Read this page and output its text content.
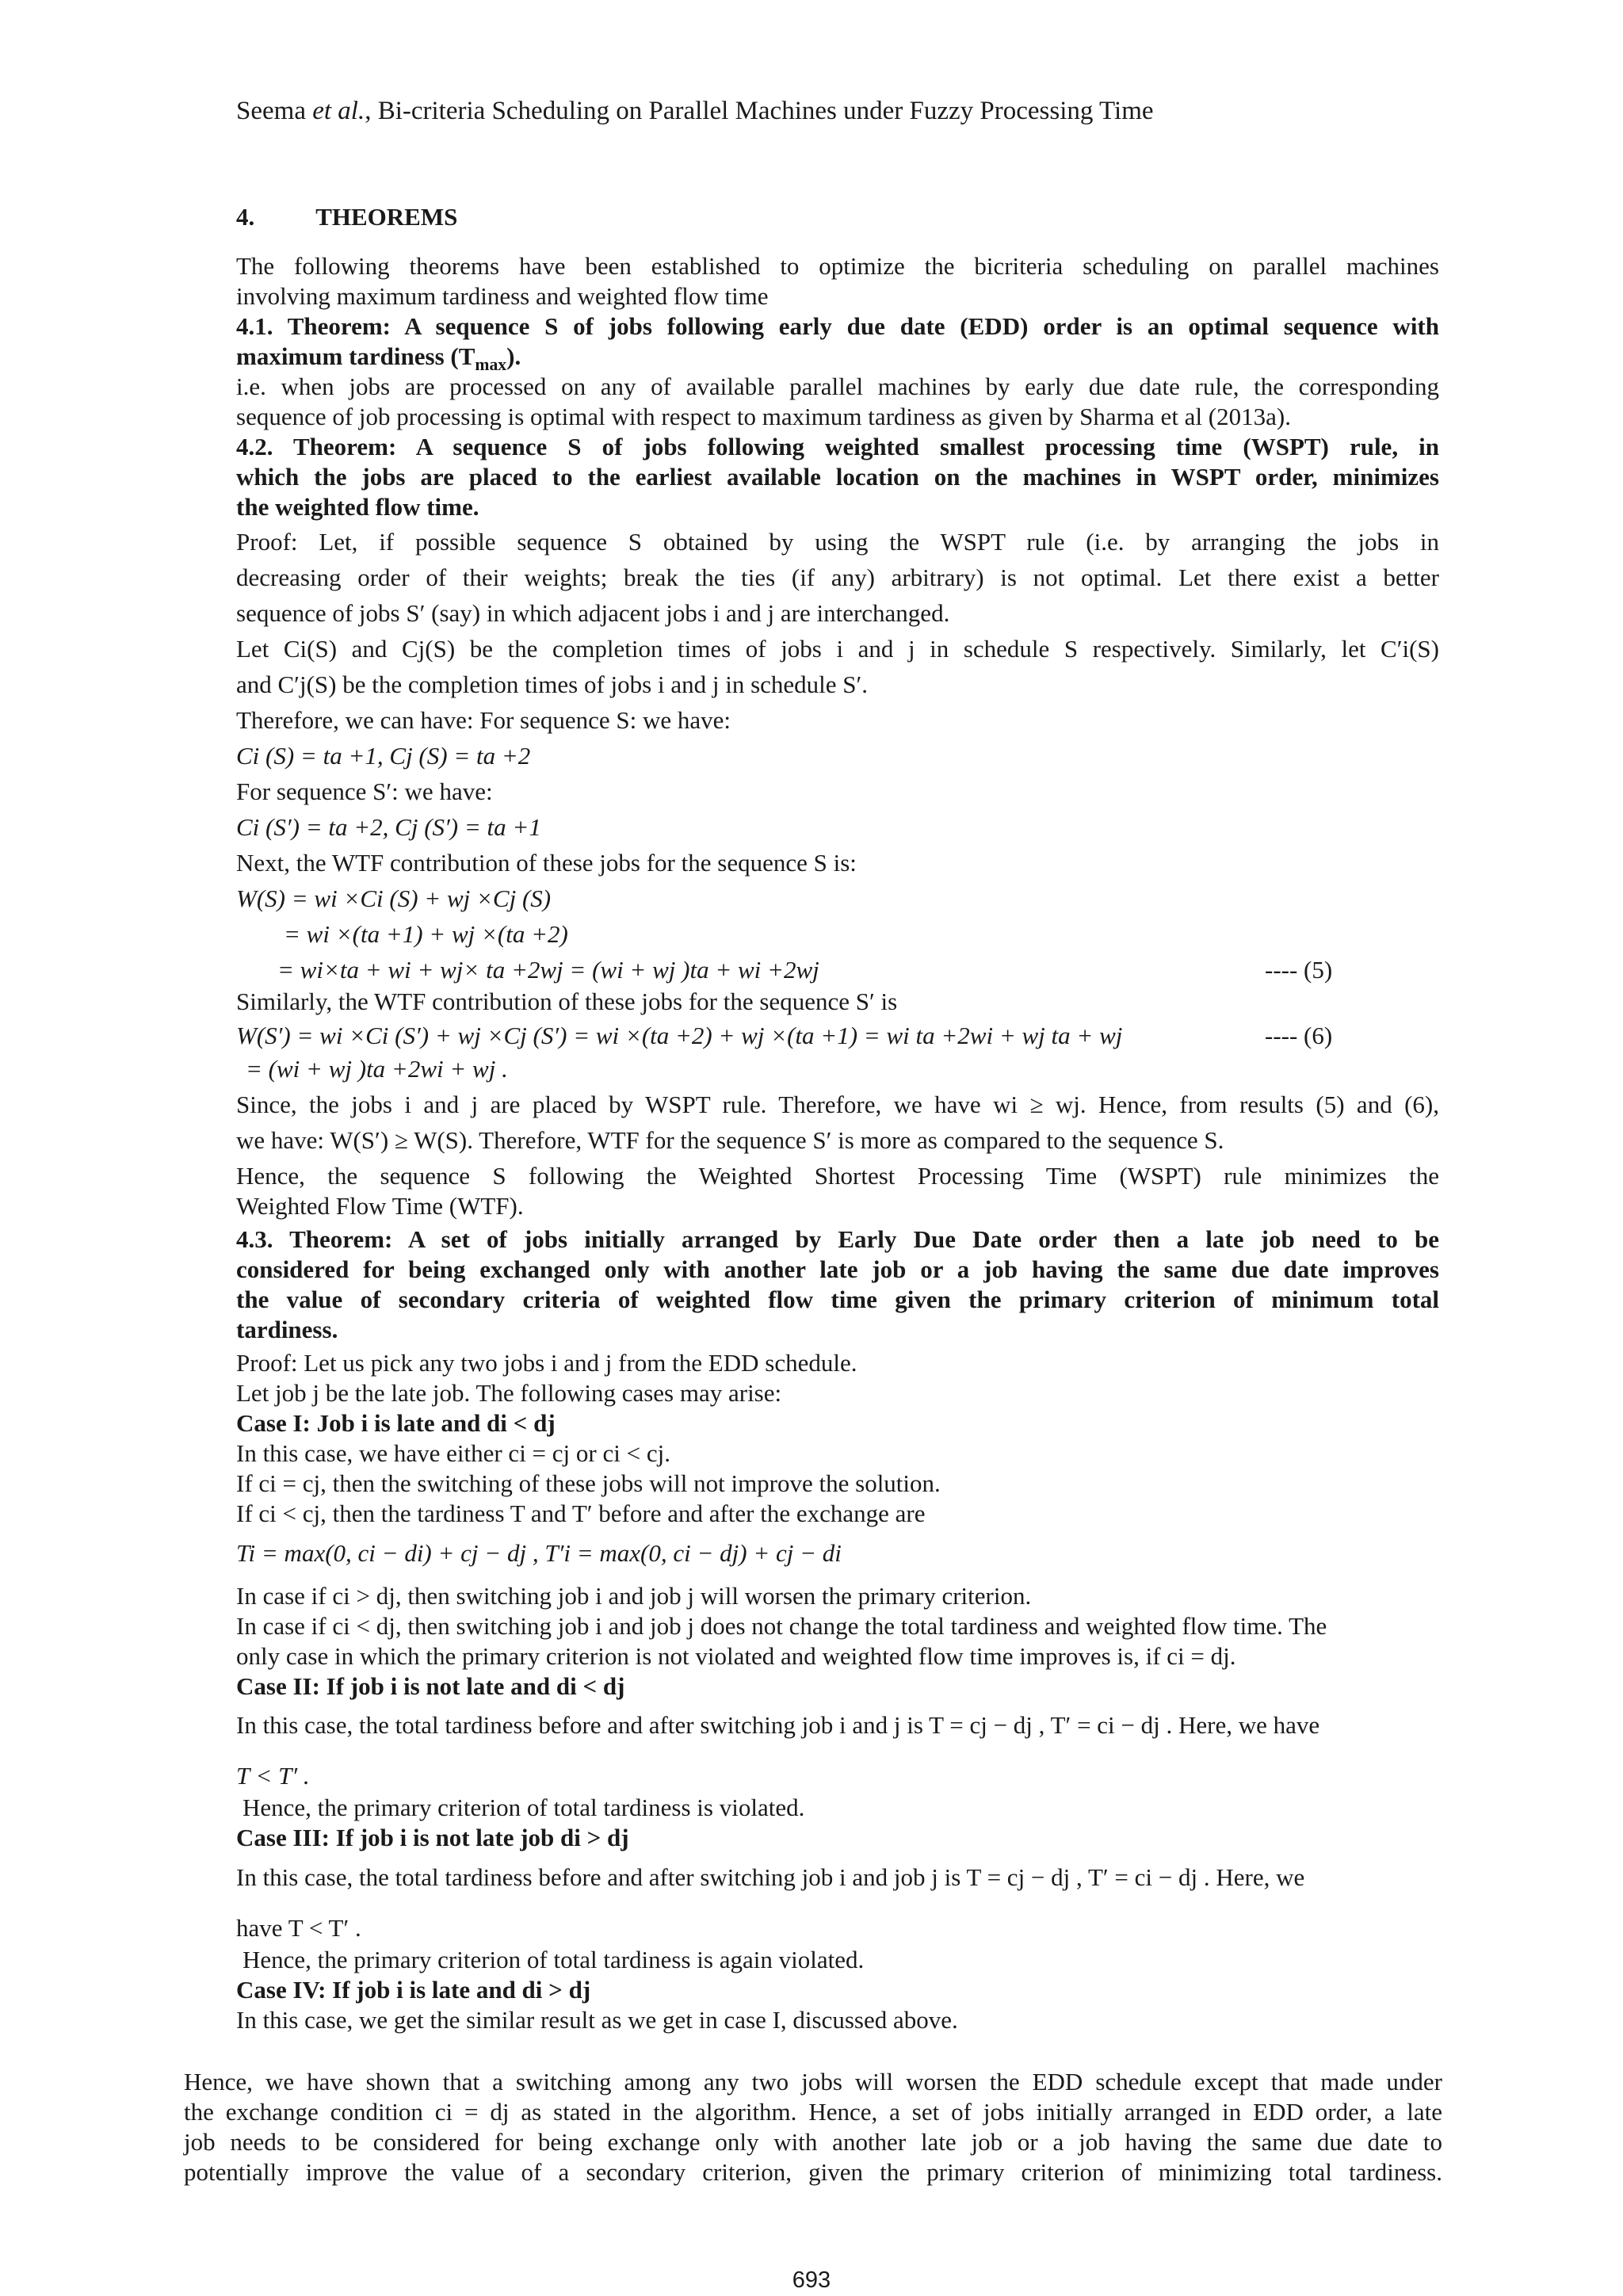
Seema et al., Bi-criteria Scheduling on Parallel Machines under Fuzzy Processing Time
4. THEOREMS
The following theorems have been established to optimize the bicriteria scheduling on parallel machines
involving maximum tardiness and weighted flow time
4.1. Theorem: A sequence S of jobs following early due date (EDD) order is an optimal sequence with
maximum tardiness $(T_{max})$.
i.e. when jobs are processed on any of available parallel machines by early due date rule, the corresponding
sequence of job processing is optimal with respect to maximum tardiness as given by Sharma et al (2013a).
4.2. Theorem: A sequence S of jobs following weighted smallest processing time (WSPT) rule, in
which the jobs are placed to the earliest available location on the machines in WSPT order, minimizes
the weighted flow time.
Proof: Let, if possible sequence S obtained by using the WSPT rule (i.e. by arranging the jobs in
decreasing order of their weights; break the ties (if any) arbitrary) is not optimal. Let there exist a better
sequence of jobs S′ (say) in which adjacent jobs i and j are interchanged.
Let Ci(S) and Cj(S) be the completion times of jobs i and j in schedule S respectively. Similarly, let C′i(S)
and C′j(S) be the completion times of jobs i and j in schedule S′.
Therefore, we can have: For sequence S: we have:
Ci (S) = ta +1, Cj (S) = ta +2
For sequence S′: we have:
Ci (S′) = ta +2, Cj (S′) = ta +1
Next, the WTF contribution of these jobs for the sequence S is:
W(S) = wi ×Ci (S) + wj ×Cj (S)
= wi ×(ta +1) + wj ×(ta +2)
= wi×ta + wi + wj× ta +2wj = (wi + wj )ta + wi +2wj	---- (5)
Similarly, the WTF contribution of these jobs for the sequence S′ is
W(S′) = wi ×Ci (S′) + wj ×Cj (S′) = wi ×(ta +2) + wj ×(ta +1) = wi ta +2wi + wj ta + wj	---- (6)
= (wi + wj )ta +2wi + wj .
Since, the jobs i and j are placed by WSPT rule. Therefore, we have wi ≥ wj. Hence, from results (5) and (6),
we have: W(S′) ≥ W(S). Therefore, WTF for the sequence S′ is more as compared to the sequence S.
Hence, the sequence S following the Weighted Shortest Processing Time (WSPT) rule minimizes the
Weighted Flow Time (WTF).
4.3. Theorem: A set of jobs initially arranged by Early Due Date order then a late job need to be
considered for being exchanged only with another late job or a job having the same due date improves
the value of secondary criteria of weighted flow time given the primary criterion of minimum total
tardiness.
Proof: Let us pick any two jobs i and j from the EDD schedule.
Let job j be the late job. The following cases may arise:
Case I: Job i is late and di < dj
In this case, we have either ci = cj or ci < cj.
If ci = cj, then the switching of these jobs will not improve the solution.
If ci < cj, then the tardiness T and T′ before and after the exchange are
Ti = max(0, ci − di) + cj − dj , T′i = max(0, ci − dj) + cj − di
In case if ci > dj, then switching job i and job j will worsen the primary criterion.
In case if ci < dj, then switching job i and job j does not change the total tardiness and weighted flow time. The
only case in which the primary criterion is not violated and weighted flow time improves is, if ci = dj.
Case II: If job i is not late and di < dj
In this case, the total tardiness before and after switching job i and j is T = cj − dj , T′ = ci − dj . Here, we have
T < T′ .
Hence, the primary criterion of total tardiness is violated.
Case III: If job i is not late job di > dj
In this case, the total tardiness before and after switching job i and job j is T = cj − dj , T′ = ci − dj . Here, we
have T < T′ .
Hence, the primary criterion of total tardiness is again violated.
Case IV: If job i is late and di > dj
In this case, we get the similar result as we get in case I, discussed above.
Hence, we have shown that a switching among any two jobs will worsen the EDD schedule except that made under
the exchange condition ci = dj as stated in the algorithm. Hence, a set of jobs initially arranged in EDD order, a late
job needs to be considered for being exchange only with another late job or a job having the same due date to
potentially improve the value of a secondary criterion, given the primary criterion of minimizing total tardiness.
693
